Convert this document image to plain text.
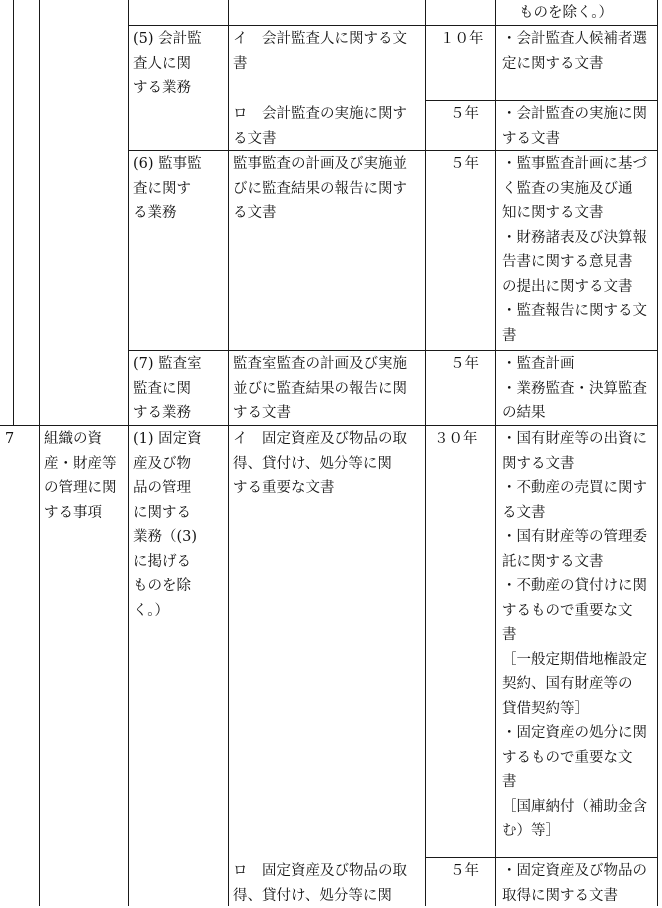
ものを除く。）
(5) 会計監
査人に関
する業務
イ　会計監査人に関する文
書
１０年 ・会計監査人候補者選
定に関する文書
ロ　会計監査の実施に関す
る文書
５年 ・会計監査の実施に関
する文書
(6) 監事監
査に関す
る業務
監事監査の計画及び実施並
びに監査結果の報告に関す
る文書
５年 ・監事監査計画に基づ
く監査の実施及び通
知に関する文書
・財務諸表及び決算報
告書に関する意見書
の提出に関する文書
・監査報告に関する文
書
(7) 監査室
監査に関
する業務
監査室監査の計画及び実施
並びに監査結果の報告に関
する文書
５年 ・監査計画
・業務監査・決算監査
の結果
7 組織の資
産・財産等
の管理に関
する事項
(1) 固定資
産及び物
品の管理
に関する
業務（(3)
に掲げる
ものを除
く。）
イ　固定資産及び物品の取
得、貸付け、処分等に関
する重要な文書
３０年 ・国有財産等の出資に
関する文書
・不動産の売買に関す
る文書
・国有財産等の管理委
託に関する文書
・不動産の貸付けに関
するもので重要な文
書
［一般定期借地権設定
契約、国有財産等の
貸借契約等］
・固定資産の処分に関
するもので重要な文
書
［国庫納付（補助金含
む）等］
ロ　固定資産及び物品の取
得、貸付け、処分等に関
５年 ・固定資産及び物品の
取得に関する文書
